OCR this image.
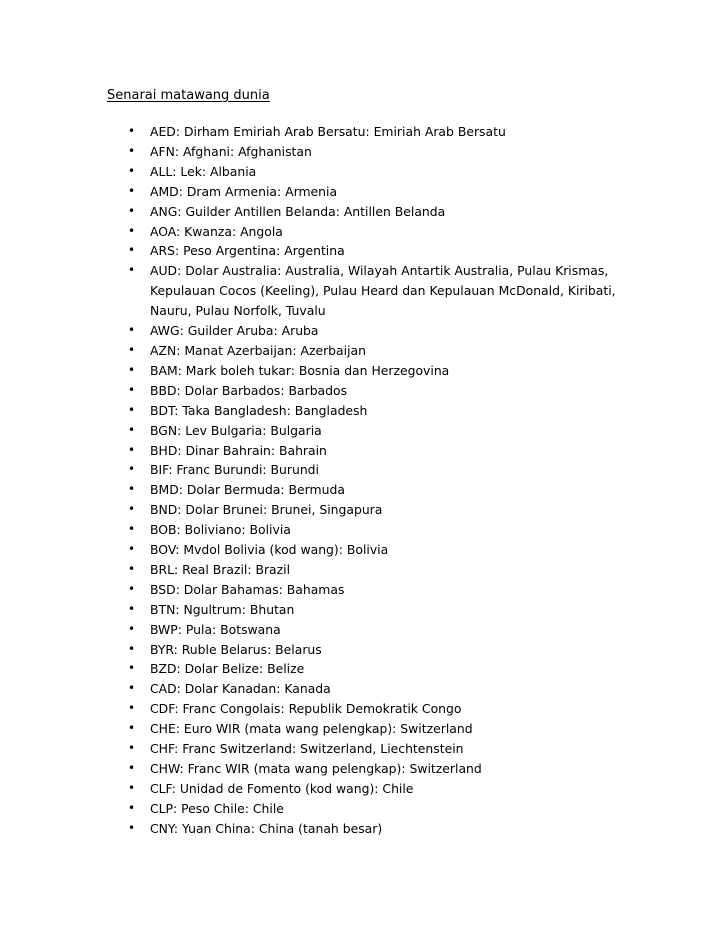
Senarai matawang dunia
• AED: Dirham Emiriah Arab Bersatu: Emiriah Arab Bersatu
• AFN: Afghani: Afghanistan
• ALL: Lek: Albania
• AMD: Dram Armenia: Armenia
• ANG: Guilder Antillen Belanda: Antillen Belanda
• AOA: Kwanza: Angola
• ARS: Peso Argentina: Argentina
• AUD: Dolar Australia: Australia, Wilayah Antartik Australia, Pulau Krismas, Kepulauan Cocos (Keeling), Pulau Heard dan Kepulauan McDonald, Kiribati, Nauru, Pulau Norfolk, Tuvalu
• AWG: Guilder Aruba: Aruba
• AZN: Manat Azerbaijan: Azerbaijan
• BAM: Mark boleh tukar: Bosnia dan Herzegovina
• BBD: Dolar Barbados: Barbados
• BDT: Taka Bangladesh: Bangladesh
• BGN: Lev Bulgaria: Bulgaria
• BHD: Dinar Bahrain: Bahrain
• BIF: Franc Burundi: Burundi
• BMD: Dolar Bermuda: Bermuda
• BND: Dolar Brunei: Brunei, Singapura
• BOB: Boliviano: Bolivia
• BOV: Mvdol Bolivia (kod wang): Bolivia
• BRL: Real Brazil: Brazil
• BSD: Dolar Bahamas: Bahamas
• BTN: Ngultrum: Bhutan
• BWP: Pula: Botswana
• BYR: Ruble Belarus: Belarus
• BZD: Dolar Belize: Belize
• CAD: Dolar Kanadan: Kanada
• CDF: Franc Congolais: Republik Demokratik Congo
• CHE: Euro WIR (mata wang pelengkap): Switzerland
• CHF: Franc Switzerland: Switzerland, Liechtenstein
• CHW: Franc WIR (mata wang pelengkap): Switzerland
• CLF: Unidad de Fomento (kod wang): Chile
• CLP: Peso Chile: Chile
• CNY: Yuan China: China (tanah besar)
